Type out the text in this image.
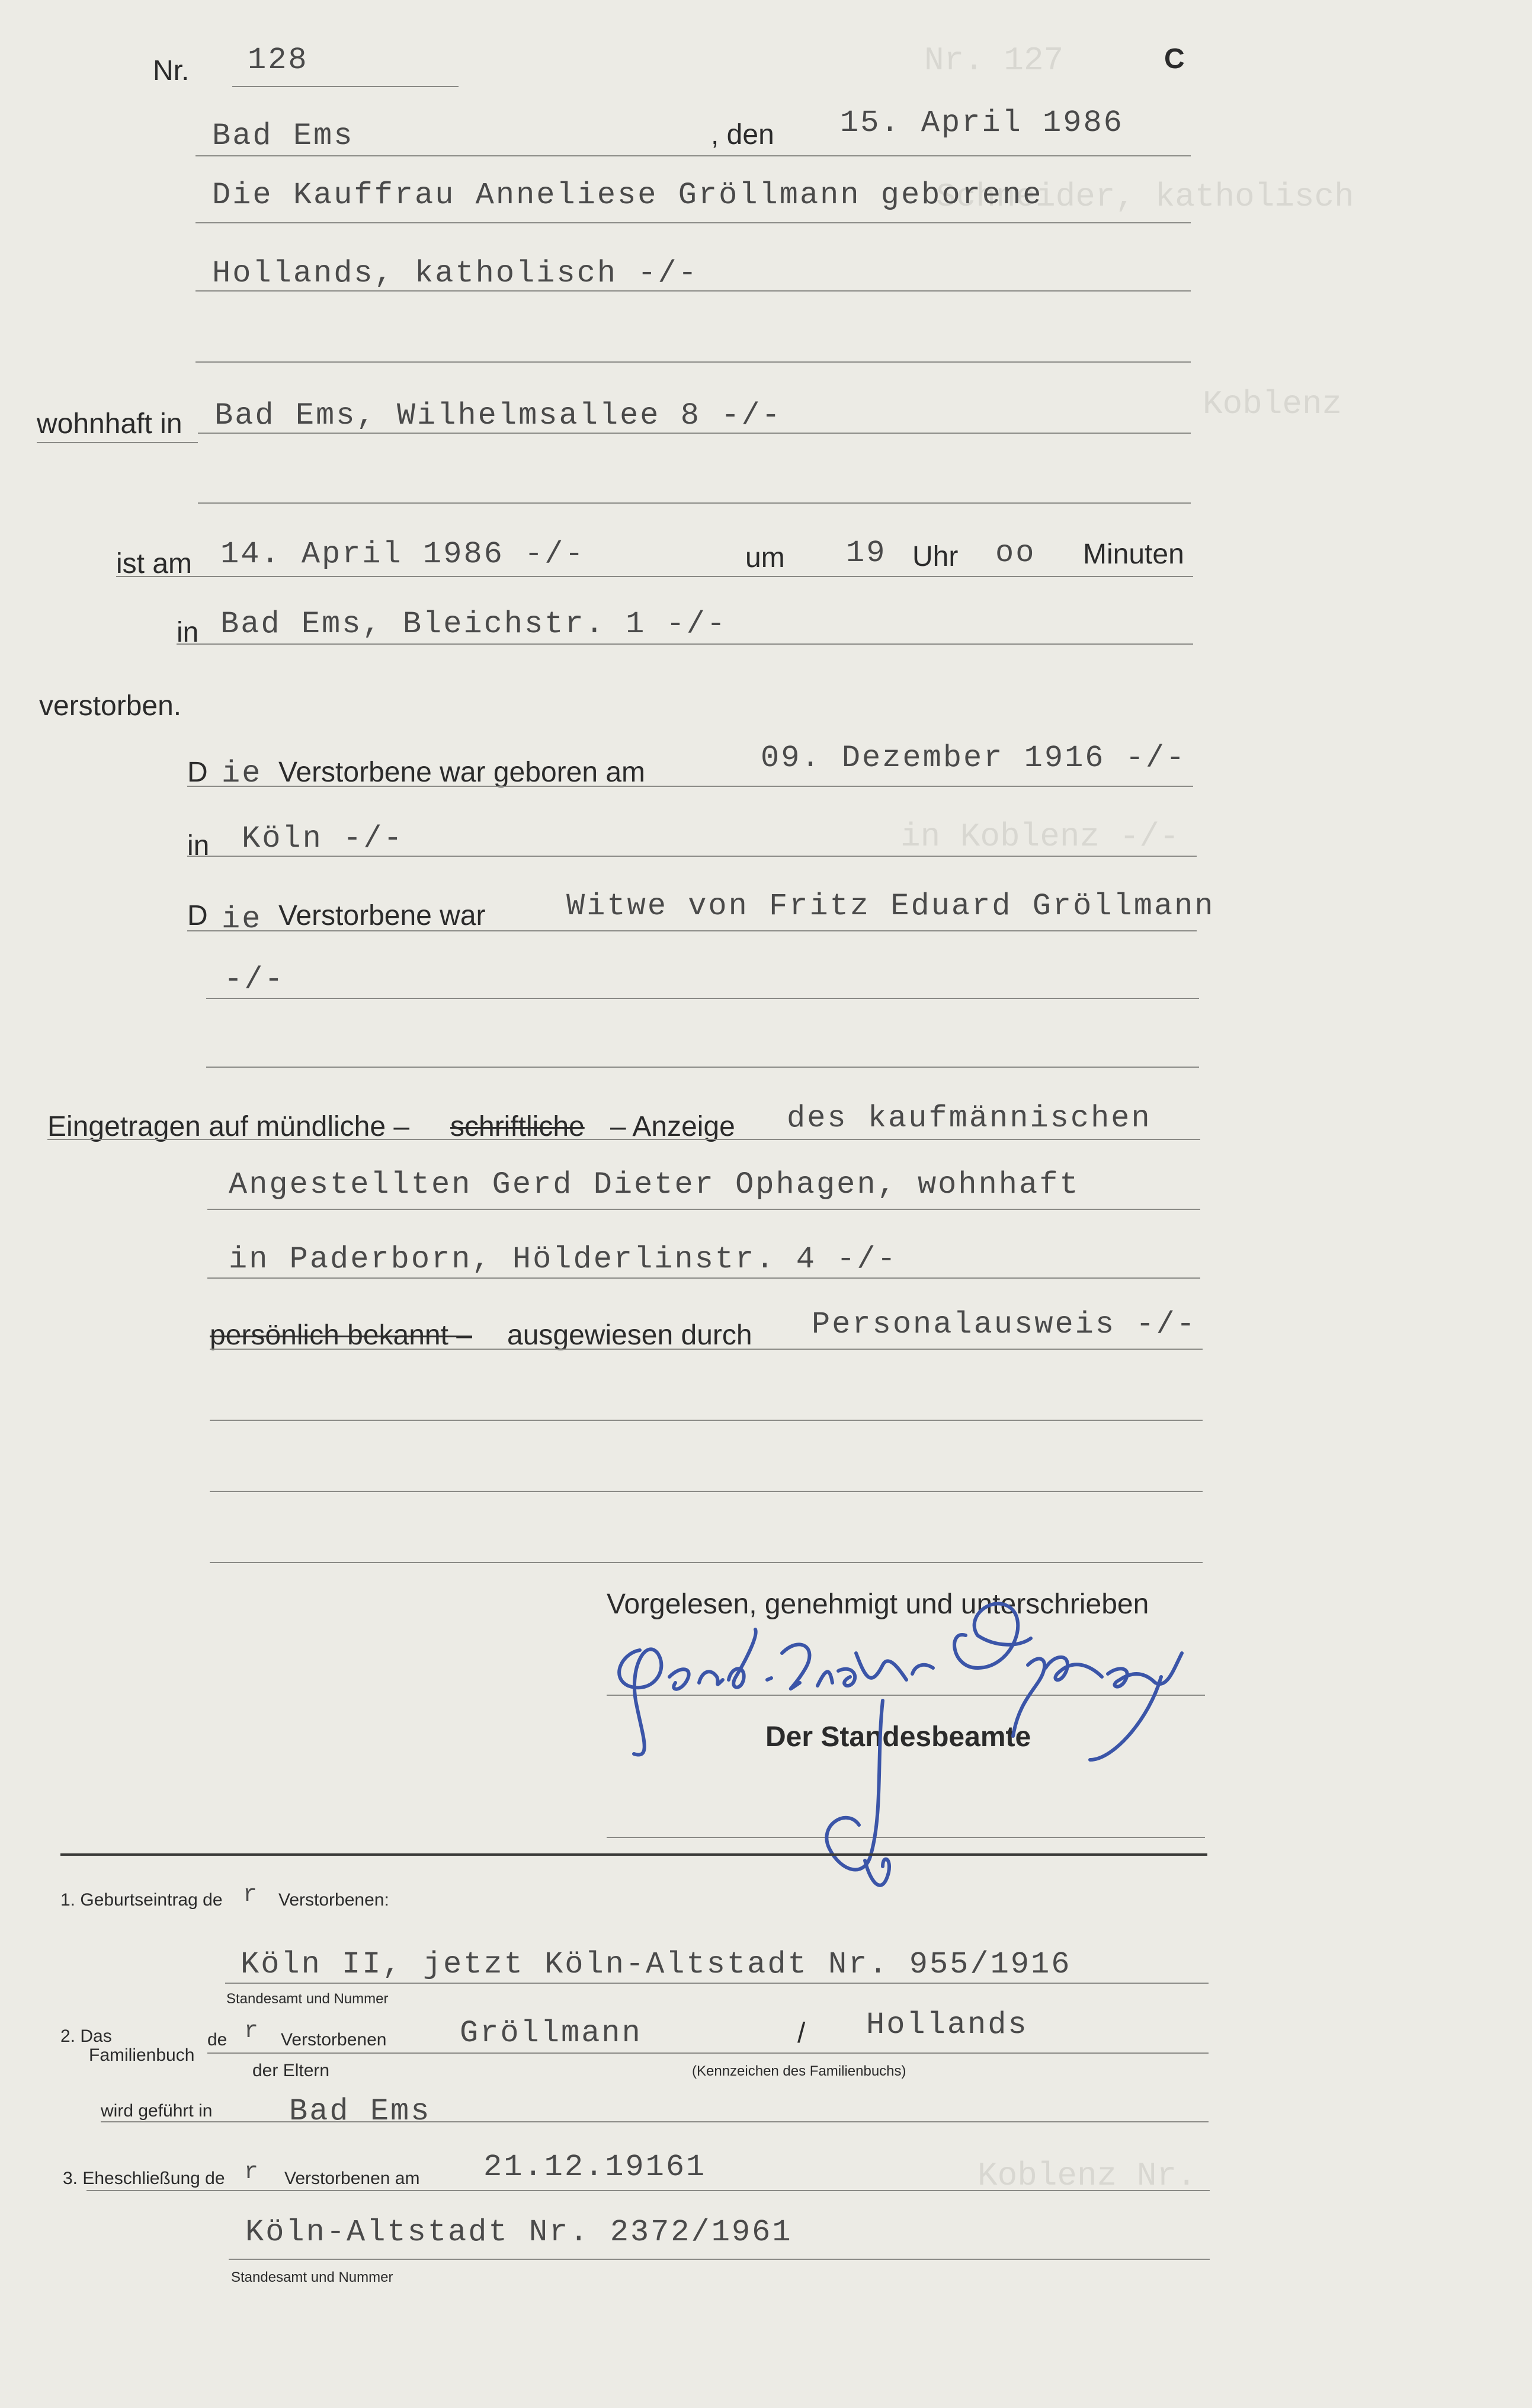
Nr. 127
Schneider, katholisch
Koblenz
in Koblenz -/-
Koblenz Nr.
Nr. 128	C
Bad Ems	, den 15. April 1986
Die Kauffrau Anneliese Gröllmann geborene
Hollands, katholisch -/-
wohnhaft in Bad Ems, Wilhelmsallee 8 -/-
ist am 14. April 1986 -/-	um 19 Uhr oo Minuten
in Bad Ems, Bleichstr. 1 -/-
verstorben.
D ie Verstorbene war geboren am	09. Dezember 1916 -/-
in Köln -/-
D ie Verstorbene war	Witwe von Fritz Eduard Gröllmann
-/-
Eingetragen auf mündliche – schriftliche – Anzeige des kaufmännischen
Angestellten Gerd Dieter Ophagen, wohnhaft
in Paderborn, Hölderlinstr. 4 -/-
persönlich bekannt – ausgewiesen durch Personalausweis -/-
Vorgelesen, genehmigt und unterschrieben
Der Standesbeamte
1. Geburtseintrag de r Verstorbenen:
Köln II, jetzt Köln-Altstadt Nr. 955/1916
Standesamt und Nummer
2. Das
Familienbuch
de r Verstorbenen
der Eltern
Gröllmann	/ Hollands
(Kennzeichen des Familienbuchs)
wird geführt in Bad Ems
3. Eheschließung de r Verstorbenen am 21.12.19161
Köln-Altstadt Nr. 2372/1961
Standesamt und Nummer
